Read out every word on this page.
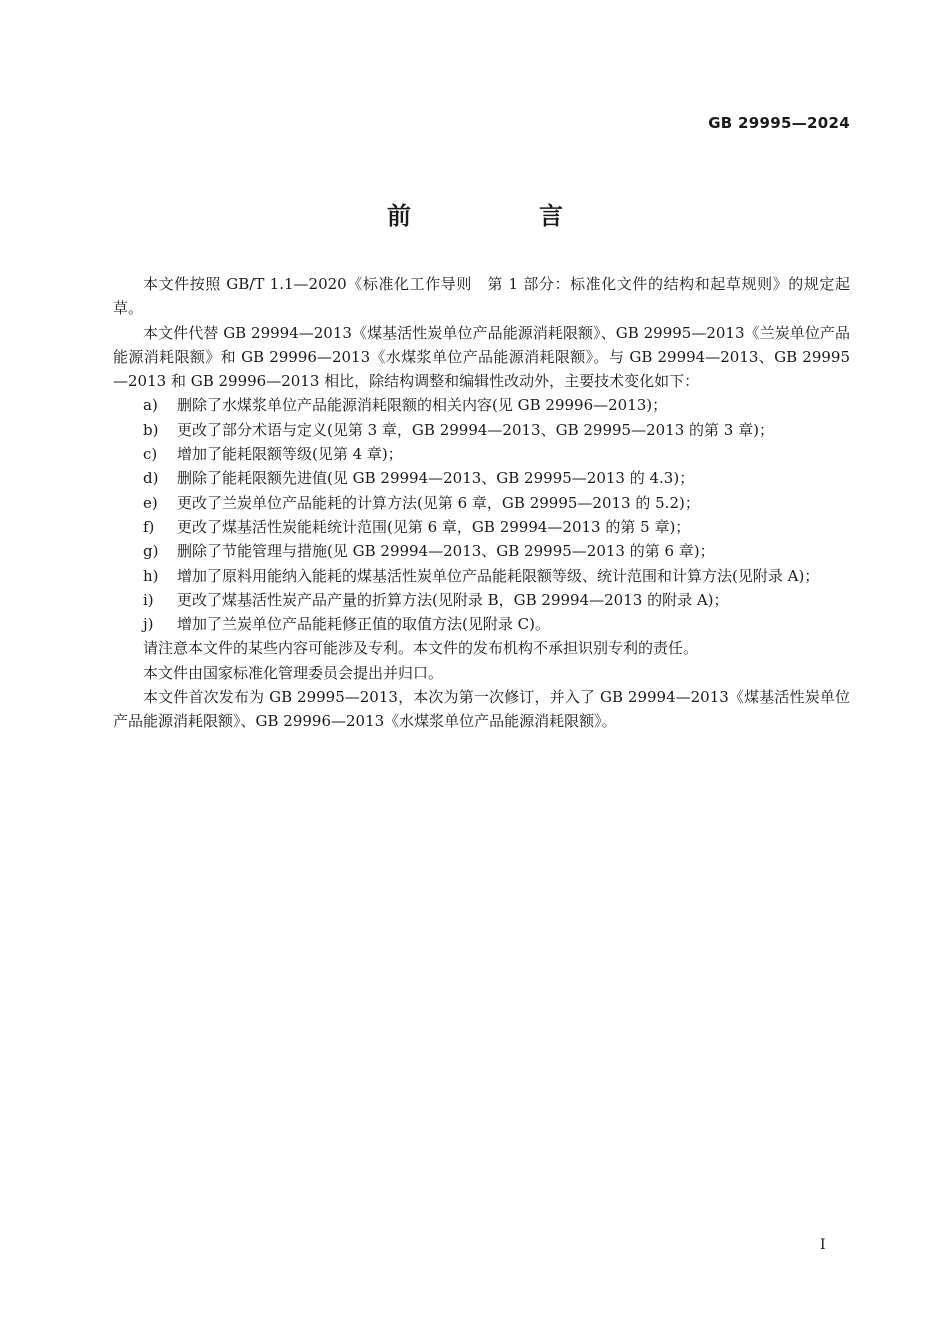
GB 29995—2024
前　言

本文件按照 GB/T 1.1—2020《标准化工作导则　第 1 部分：标准化文件的结构和起草规则》的规定起草。

本文件代替 GB 29994—2013《煤基活性炭单位产品能源消耗限额》、GB 29995—2013《兰炭单位产品能源消耗限额》和 GB 29996—2013《水煤浆单位产品能源消耗限额》。与 GB 29994—2013、GB 29995—2013 和 GB 29996—2013 相比，除结构调整和编辑性改动外，主要技术变化如下：

a) 删除了水煤浆单位产品能源消耗限额的相关内容(见 GB 29996—2013)；

b) 更改了部分术语与定义(见第 3 章，GB 29994—2013、GB 29995—2013 的第 3 章)；

c) 增加了能耗限额等级(见第 4 章)；

d) 删除了能耗限额先进值(见 GB 29994—2013、GB 29995—2013 的 4.3)；

e) 更改了兰炭单位产品能耗的计算方法(见第 6 章，GB 29995—2013 的 5.2)；

f) 更改了煤基活性炭能耗统计范围(见第 6 章，GB 29994—2013 的第 5 章)；

g) 删除了节能管理与措施(见 GB 29994—2013、GB 29995—2013 的第 6 章)；

h) 增加了原料用能纳入能耗的煤基活性炭单位产品能耗限额等级、统计范围和计算方法(见附录 A)；

i) 更改了煤基活性炭产品产量的折算方法(见附录 B，GB 29994—2013 的附录 A)；

j) 增加了兰炭单位产品能耗修正值的取值方法(见附录 C)。

请注意本文件的某些内容可能涉及专利。本文件的发布机构不承担识别专利的责任。

本文件由国家标准化管理委员会提出并归口。

本文件首次发布为 GB 29995—2013，本次为第一次修订，并入了 GB 29994—2013《煤基活性炭单位产品能源消耗限额》、GB 29996—2013《水煤浆单位产品能源消耗限额》。

I
